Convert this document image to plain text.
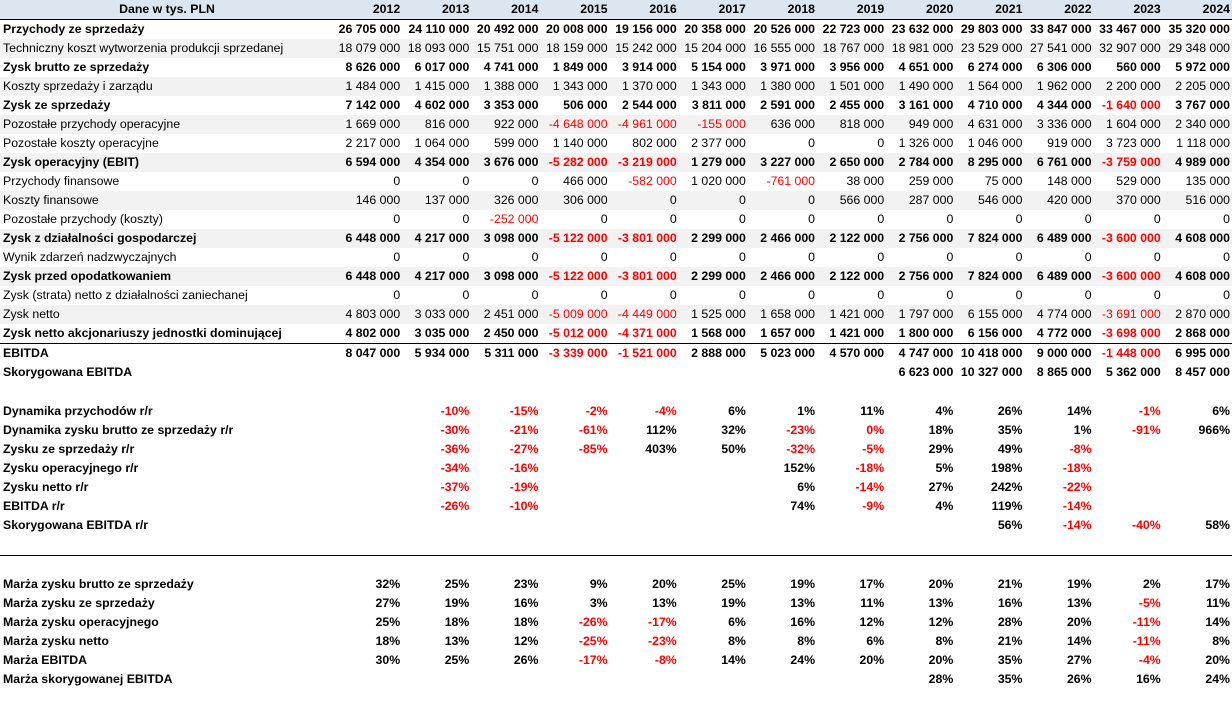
Dane w tys. PLN	2012	2013	2014	2015	2016	2017	2018	2019	2020	2021	2022	2023	2024
Przychody ze sprzedaży	26 705 000	24 110 000	20 492 000	20 008 000	19 156 000	20 358 000	20 526 000	22 723 000	23 632 000	29 803 000	33 847 000	33 467 000	35 320 000
Techniczny koszt wytworzenia produkcji sprzedanej	18 079 000	18 093 000	15 751 000	18 159 000	15 242 000	15 204 000	16 555 000	18 767 000	18 981 000	23 529 000	27 541 000	32 907 000	29 348 000
Zysk brutto ze sprzedaży	8 626 000	6 017 000	4 741 000	1 849 000	3 914 000	5 154 000	3 971 000	3 956 000	4 651 000	6 274 000	6 306 000	560 000	5 972 000
Koszty sprzedaży i zarządu	1 484 000	1 415 000	1 388 000	1 343 000	1 370 000	1 343 000	1 380 000	1 501 000	1 490 000	1 564 000	1 962 000	2 200 000	2 205 000
Zysk ze sprzedaży	7 142 000	4 602 000	3 353 000	506 000	2 544 000	3 811 000	2 591 000	2 455 000	3 161 000	4 710 000	4 344 000	-1 640 000	3 767 000
Pozostałe przychody operacyjne	1 669 000	816 000	922 000	-4 648 000	-4 961 000	-155 000	636 000	818 000	949 000	4 631 000	3 336 000	1 604 000	2 340 000
Pozostałe koszty operacyjne	2 217 000	1 064 000	599 000	1 140 000	802 000	2 377 000	0	0	1 326 000	1 046 000	919 000	3 723 000	1 118 000
Zysk operacyjny (EBIT)	6 594 000	4 354 000	3 676 000	-5 282 000	-3 219 000	1 279 000	3 227 000	2 650 000	2 784 000	8 295 000	6 761 000	-3 759 000	4 989 000
Przychody finansowe	0	0	0	466 000	-582 000	1 020 000	-761 000	38 000	259 000	75 000	148 000	529 000	135 000
Koszty finansowe	146 000	137 000	326 000	306 000	0	0	0	566 000	287 000	546 000	420 000	370 000	516 000
Pozostałe przychody (koszty)	0	0	-252 000	0	0	0	0	0	0	0	0	0	0
Zysk z działalności gospodarczej	6 448 000	4 217 000	3 098 000	-5 122 000	-3 801 000	2 299 000	2 466 000	2 122 000	2 756 000	7 824 000	6 489 000	-3 600 000	4 608 000
Wynik zdarzeń nadzwyczajnych	0	0	0	0	0	0	0	0	0	0	0	0	0
Zysk przed opodatkowaniem	6 448 000	4 217 000	3 098 000	-5 122 000	-3 801 000	2 299 000	2 466 000	2 122 000	2 756 000	7 824 000	6 489 000	-3 600 000	4 608 000
Zysk (strata) netto z działalności zaniechanej	0	0	0	0	0	0	0	0	0	0	0	0	0
Zysk netto	4 803 000	3 033 000	2 451 000	-5 009 000	-4 449 000	1 525 000	1 658 000	1 421 000	1 797 000	6 155 000	4 774 000	-3 691 000	2 870 000
Zysk netto akcjonariuszy jednostki dominującej	4 802 000	3 035 000	2 450 000	-5 012 000	-4 371 000	1 568 000	1 657 000	1 421 000	1 800 000	6 156 000	4 772 000	-3 698 000	2 868 000
EBITDA	8 047 000	5 934 000	5 311 000	-3 339 000	-1 521 000	2 888 000	5 023 000	4 570 000	4 747 000	10 418 000	9 000 000	-1 448 000	6 995 000
Skorygowana EBITDA									6 623 000	10 327 000	8 865 000	5 362 000	8 457 000

Dynamika przychodów r/r		-10%	-15%	-2%	-4%	6%	1%	11%	4%	26%	14%	-1%	6%
Dynamika zysku brutto ze sprzedaży r/r		-30%	-21%	-61%	112%	32%	-23%	0%	18%	35%	1%	-91%	966%
Zysku ze sprzedaży r/r		-36%	-27%	-85%	403%	50%	-32%	-5%	29%	49%	-8%		
Zysku operacyjnego r/r		-34%	-16%				152%	-18%	5%	198%	-18%		
Zysku netto r/r		-37%	-19%				6%	-14%	27%	242%	-22%		
EBITDA r/r		-26%	-10%				74%	-9%	4%	119%	-14%		
Skorygowana EBITDA r/r										56%	-14%	-40%	58%

Marża zysku brutto ze sprzedaży	32%	25%	23%	9%	20%	25%	19%	17%	20%	21%	19%	2%	17%
Marża zysku ze sprzedaży	27%	19%	16%	3%	13%	19%	13%	11%	13%	16%	13%	-5%	11%
Marża zysku operacyjnego	25%	18%	18%	-26%	-17%	6%	16%	12%	12%	28%	20%	-11%	14%
Marża zysku netto	18%	13%	12%	-25%	-23%	8%	8%	6%	8%	21%	14%	-11%	8%
Marża EBITDA	30%	25%	26%	-17%	-8%	14%	24%	20%	20%	35%	27%	-4%	20%
Marża skorygowanej EBITDA									28%	35%	26%	16%	24%
